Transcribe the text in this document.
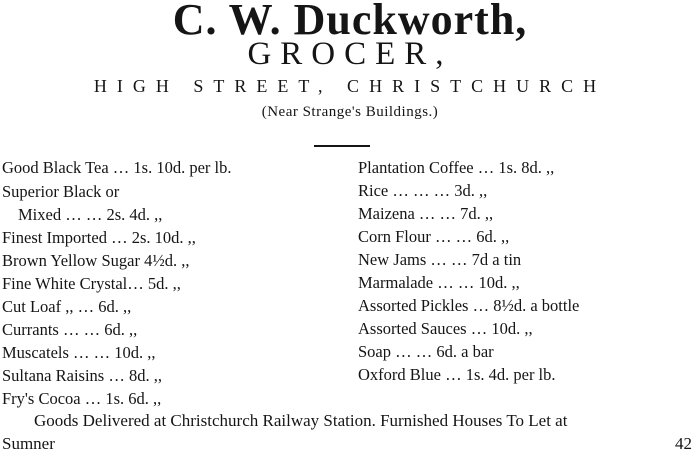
C. W. Duckworth,
GROCER,
HIGH STREET, CHRISTCHURCH
(Near Strange's Buildings.)
Good Black Tea … 1s. 10d. per lb.
Superior Black or
Mixed … … 2s. 4d. ,,
Finest Imported … 2s. 10d. ,,
Brown Yellow Sugar 4½d. ,,
Fine White Crystal… 5d. ,,
Cut Loaf ,, … 6d. ,,
Currants … … 6d. ,,
Muscatels … … 10d. ,,
Sultana Raisins … 8d. ,,
Fry's Cocoa … 1s. 6d. ,,
Plantation Coffee … 1s. 8d. ,,
Rice … … … 3d. ,,
Maizena … … 7d. ,,
Corn Flour … … 6d. ,,
New Jams … … 7d a tin
Marmalade … … 10d. ,,
Assorted Pickles … 8½d. a bottle
Assorted Sauces … 10d. ,,
Soap … … 6d. a bar
Oxford Blue … 1s. 4d. per lb.
Goods Delivered at Christchurch Railway Station. Furnished Houses To Let at
Sumner	42
